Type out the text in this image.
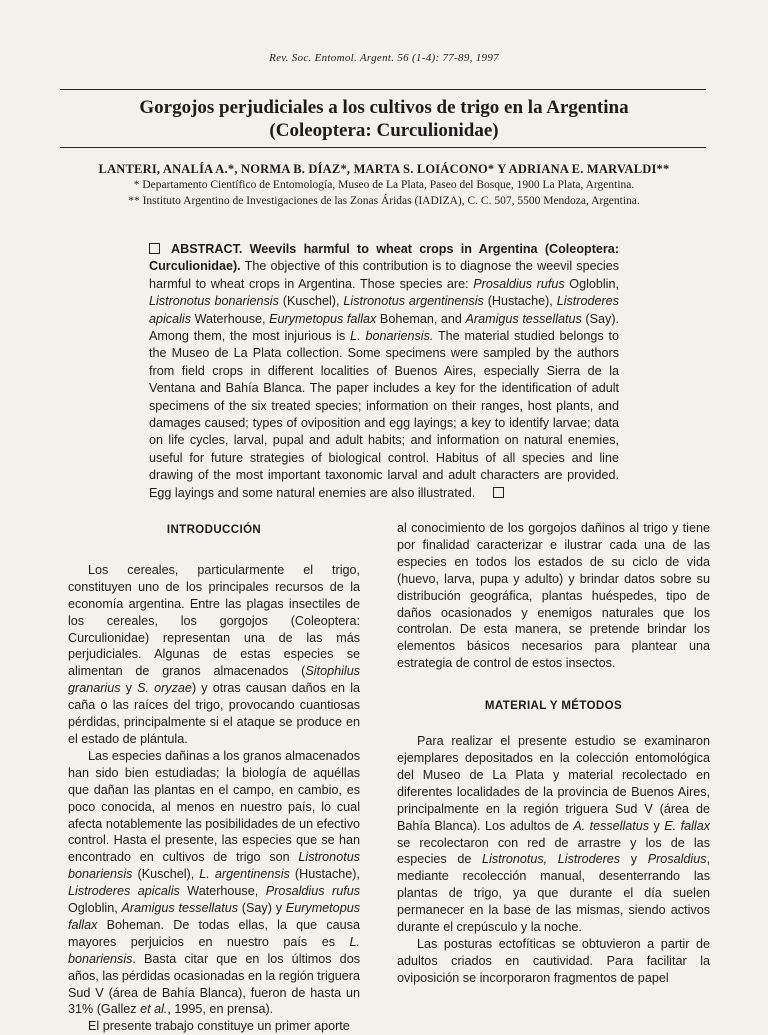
Rev. Soc. Entomol. Argent. 56 (1-4): 77-89, 1997
Gorgojos perjudiciales a los cultivos de trigo en la Argentina
(Coleoptera: Curculionidae)
LANTERI, ANALÍA A.*, NORMA B. DÍAZ*, MARTA S. LOIÁCONO* Y ADRIANA E. MARVALDI**
* Departamento Científico de Entomología, Museo de La Plata, Paseo del Bosque, 1900 La Plata, Argentina.
** Instituto Argentino de Investigaciones de las Zonas Áridas (IADIZA), C. C. 507, 5500 Mendoza, Argentina.
ABSTRACT. Weevils harmful to wheat crops in Argentina (Coleoptera: Curculionidae). The objective of this contribution is to diagnose the weevil species harmful to wheat crops in Argentina. Those species are: Prosaldius rufus Ogloblin, Listronotus bonariensis (Kuschel), Listronotus argentinensis (Hustache), Listroderes apicalis Waterhouse, Eurymetopus fallax Boheman, and Aramigus tessellatus (Say). Among them, the most injurious is L. bonariensis. The material studied belongs to the Museo de La Plata collection. Some specimens were sampled by the authors from field crops in different localities of Buenos Aires, especially Sierra de la Ventana and Bahía Blanca. The paper includes a key for the identification of adult specimens of the six treated species; information on their ranges, host plants, and damages caused; types of oviposition and egg layings; a key to identify larvae; data on life cycles, larval, pupal and adult habits; and information on natural enemies, useful for future strategies of biological control. Habitus of all species and line drawing of the most important taxonomic larval and adult characters are provided. Egg layings and some natural enemies are also illustrated.
INTRODUCCIÓN

Los cereales, particularmente el trigo, constituyen uno de los principales recursos de la economía argentina. Entre las plagas insectiles de los cereales, los gorgojos (Coleoptera: Curculionidae) representan una de las más perjudiciales. Algunas de estas especies se alimentan de granos almacenados (Sitophilus granarius y S. oryzae) y otras causan daños en la caña o las raíces del trigo, provocando cuantiosas pérdidas, principalmente si el ataque se produce en el estado de plántula.

Las especies dañinas a los granos almacenados han sido bien estudiadas; la biología de aquéllas que dañan las plantas en el campo, en cambio, es poco conocida, al menos en nuestro país, lo cual afecta notablemente las posibilidades de un efectivo control. Hasta el presente, las especies que se han encontrado en cultivos de trigo son Listronotus bonariensis (Kuschel), L. argentinensis (Hustache), Listroderes apicalis Waterhouse, Prosaldius rufus Ogloblin, Aramigus tessellatus (Say) y Eurymetopus fallax Boheman. De todas ellas, la que causa mayores perjuicios en nuestro país es L. bonariensis. Basta citar que en los últimos dos años, las pérdidas ocasionadas en la región triguera Sud V (área de Bahía Blanca), fueron de hasta un 31% (Gallez et al., 1995, en prensa).

El presente trabajo constituye un primer aporte

al conocimiento de los gorgojos dañinos al trigo y tiene por finalidad caracterizar e ilustrar cada una de las especies en todos los estados de su ciclo de vida (huevo, larva, pupa y adulto) y brindar datos sobre su distribución geográfica, plantas huéspedes, tipo de daños ocasionados y enemigos naturales que los controlan. De esta manera, se pretende brindar los elementos básicos necesarios para plantear una estrategia de control de estos insectos.

MATERIAL Y MÉTODOS

Para realizar el presente estudio se examinaron ejemplares depositados en la colección entomológica del Museo de La Plata y material recolectado en diferentes localidades de la provincia de Buenos Aires, principalmente en la región triguera Sud V (área de Bahía Blanca). Los adultos de A. tessellatus y E. fallax se recolectaron con red de arrastre y los de las especies de Listronotus, Listroderes y Prosaldius, mediante recolección manual, desenterrando las plantas de trigo, ya que durante el día suelen permanecer en la base de las mismas, siendo activos durante el crepúsculo y la noche.

Las posturas ectofíticas se obtuvieron a partir de adultos criados en cautividad. Para facilitar la oviposición se incorporaron fragmentos de papel
